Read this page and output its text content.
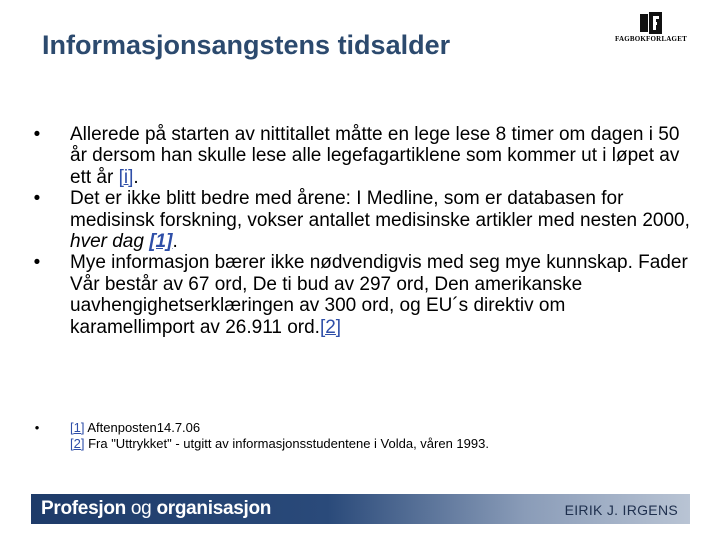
Informasjonsangstens tidsalder	FAGBOKFORLAGET
• Allerede på starten av nittitallet måtte en lege lese 8 timer om dagen i 50 år dersom han skulle lese alle legefagartiklene som kommer ut i løpet av ett år [i].
• Det er ikke blitt bedre med årene: I Medline, som er databasen for medisinsk forskning, vokser antallet medisinske artikler med nesten 2000, hver dag [1].
• Mye informasjon bærer ikke nødvendigvis med seg mye kunnskap. Fader Vår består av 67 ord, De ti bud av 297 ord, Den amerikanske uavhengighetserklæringen av 300 ord, og EU´s direktiv om karamellimport av 26.911 ord.[2]
•	[1] Aftenposten14.7.06
[2] Fra "Uttrykket" - utgitt av informasjonsstudentene i Volda, våren 1993.
Profesjon og organisasjon	EIRIK J. IRGENS
